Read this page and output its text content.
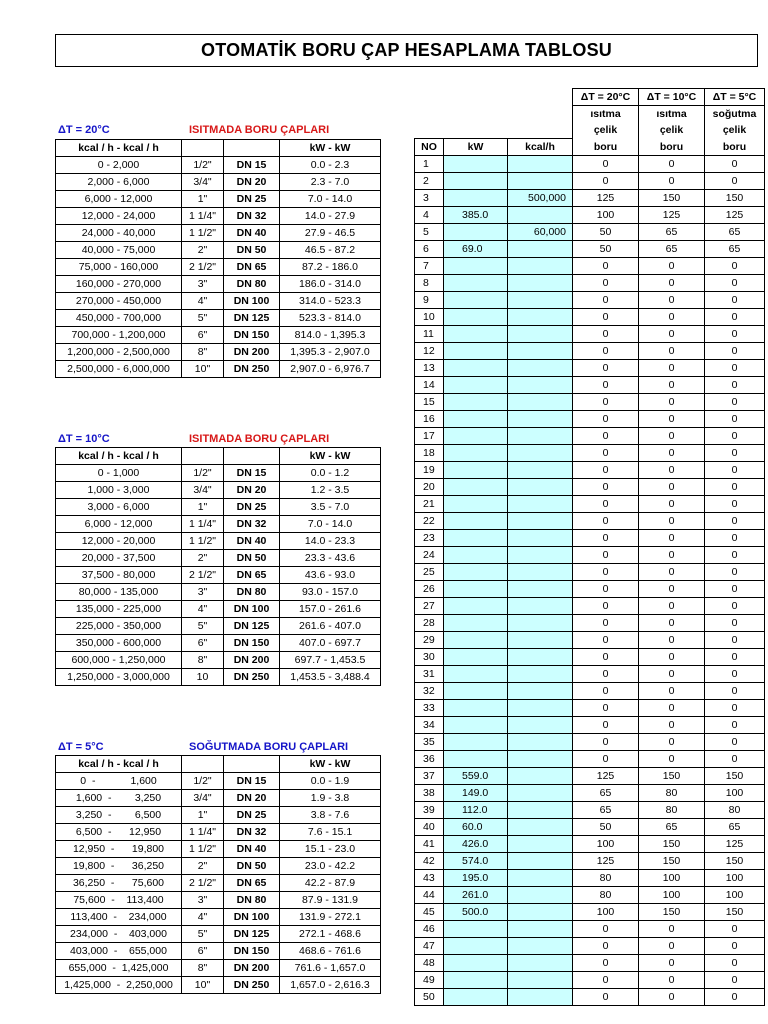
OTOMATİK BORU ÇAP HESAPLAMA TABLOSU
ΔT = 20°C	ISITMADA BORU ÇAPLARI
ΔT = 10°C	ISITMADA BORU ÇAPLARI
ΔT = 5°C	SOĞUTMADA BORU ÇAPLARI
kcal / h - kcal / h			kW - kW
0 - 2,000	1/2"	DN 15	0.0 - 2.3
2,000 - 6,000	3/4"	DN 20	2.3 - 7.0
6,000 - 12,000	1"	DN 25	7.0 - 14.0
12,000 - 24,000	1 1/4"	DN 32	14.0 - 27.9
24,000 - 40,000	1 1/2"	DN 40	27.9 - 46.5
40,000 - 75,000	2"	DN 50	46.5 - 87.2
75,000 - 160,000	2 1/2"	DN 65	87.2 - 186.0
160,000 - 270,000	3"	DN 80	186.0 - 314.0
270,000 - 450,000	4"	DN 100	314.0 - 523.3
450,000 - 700,000	5"	DN 125	523.3 - 814.0
700,000 - 1,200,000	6"	DN 150	814.0 - 1,395.3
1,200,000 - 2,500,000	8"	DN 200	1,395.3 - 2,907.0
2,500,000 - 6,000,000	10"	DN 250	2,907.0 - 6,976.7
kcal / h - kcal / h			kW - kW
0 - 1,000	1/2"	DN 15	0.0 - 1.2
1,000 - 3,000	3/4"	DN 20	1.2 - 3.5
3,000 - 6,000	1"	DN 25	3.5 - 7.0
6,000 - 12,000	1 1/4"	DN 32	7.0 - 14.0
12,000 - 20,000	1 1/2"	DN 40	14.0 - 23.3
20,000 - 37,500	2"	DN 50	23.3 - 43.6
37,500 - 80,000	2 1/2"	DN 65	43.6 - 93.0
80,000 - 135,000	3"	DN 80	93.0 - 157.0
135,000 - 225,000	4"	DN 100	157.0 - 261.6
225,000 - 350,000	5"	DN 125	261.6 - 407.0
350,000 - 600,000	6"	DN 150	407.0 - 697.7
600,000 - 1,250,000	8"	DN 200	697.7 - 1,453.5
1,250,000 - 3,000,000	10	DN 250	1,453.5 - 3,488.4
kcal / h - kcal / h			kW - kW
0  -            1,600	1/2"	DN 15	0.0 - 1.9
1,600  -        3,250	3/4"	DN 20	1.9 - 3.8
3,250  -        6,500	1"	DN 25	3.8 - 7.6
6,500  -      12,950	1 1/4"	DN 32	7.6 - 15.1
12,950  -      19,800	1 1/2"	DN 40	15.1 - 23.0
19,800  -      36,250	2"	DN 50	23.0 - 42.2
36,250  -      75,600	2 1/2"	DN 65	42.2 - 87.9
75,600  -    113,400	3"	DN 80	87.9 - 131.9
113,400  -    234,000	4"	DN 100	131.9 - 272.1
234,000  -    403,000	5"	DN 125	272.1 - 468.6
403,000  -    655,000	6"	DN 150	468.6 - 761.6
655,000  -  1,425,000	8"	DN 200	761.6 - 1,657.0
1,425,000  -  2,250,000	10"	DN 250	1,657.0 - 2,616.3
			ΔT = 20°C	ΔT = 10°C	ΔT = 5°C
			ısıtma	ısıtma	soğutma
			çelik	çelik	çelik
NO	kW	kcal/h	boru	boru	boru
1			0	0	0
2			0	0	0
3		500,000	125	150	150
4	385.0		100	125	125
5		60,000	50	65	65
6	69.0		50	65	65
7			0	0	0
8			0	0	0
9			0	0	0
10			0	0	0
11			0	0	0
12			0	0	0
13			0	0	0
14			0	0	0
15			0	0	0
16			0	0	0
17			0	0	0
18			0	0	0
19			0	0	0
20			0	0	0
21			0	0	0
22			0	0	0
23			0	0	0
24			0	0	0
25			0	0	0
26			0	0	0
27			0	0	0
28			0	0	0
29			0	0	0
30			0	0	0
31			0	0	0
32			0	0	0
33			0	0	0
34			0	0	0
35			0	0	0
36			0	0	0
37	559.0		125	150	150
38	149.0		65	80	100
39	112.0		65	80	80
40	60.0		50	65	65
41	426.0		100	150	125
42	574.0		125	150	150
43	195.0		80	100	100
44	261.0		80	100	100
45	500.0		100	150	150
46			0	0	0
47			0	0	0
48			0	0	0
49			0	0	0
50			0	0	0
